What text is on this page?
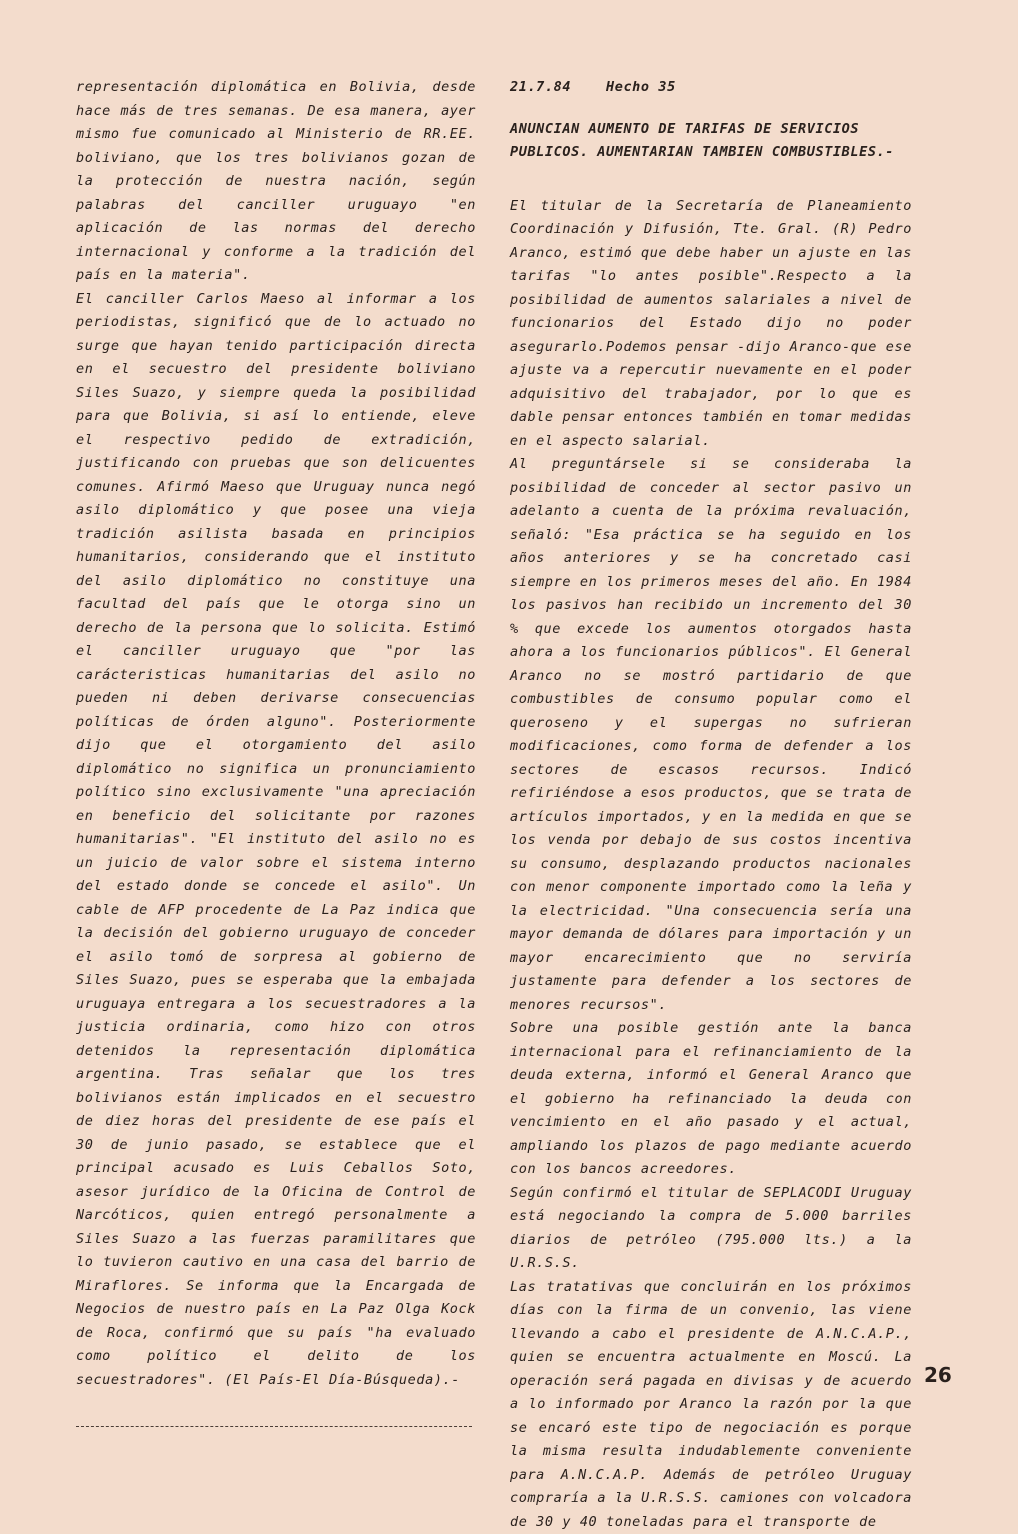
representación diplomática en Bolivia, desde hace más de tres semanas. De esa manera, ayer mismo fue comunicado al Ministerio de RR.EE. boliviano, que los tres bolivianos gozan de la protección de nuestra nación, según palabras del canciller uruguayo "en aplicación de las normas del derecho internacional y conforme a la tradición del país en la materia".

El canciller Carlos Maeso al informar a los periodistas, significó que de lo actuado no surge que hayan tenido participación directa en el secuestro del presidente boliviano Siles Suazo, y siempre queda la posibilidad para que Bolivia, si así lo entiende, eleve el respectivo pedido de extradición, justificando con pruebas que son delicuentes comunes. Afirmó Maeso que Uruguay nunca negó asilo diplomático y que posee una vieja tradición asilista basada en principios humanitarios, considerando que el instituto del asilo diplomático no constituye una facultad del país que le otorga sino un derecho de la persona que lo solicita. Estimó el canciller uruguayo que "por las carácteristicas humanitarias del asilo no pueden ni deben derivarse consecuencias políticas de órden alguno". Posteriormente dijo que el otorgamiento del asilo diplomático no significa un pronunciamiento político sino exclusivamente "una apreciación en beneficio del solicitante por razones humanitarias". "El instituto del asilo no es un juicio de valor sobre el sistema interno del estado donde se concede el asilo". Un cable de AFP procedente de La Paz indica que la decisión del gobierno uruguayo de conceder el asilo tomó de sorpresa al gobierno de Siles Suazo, pues se esperaba que la embajada uruguaya entregara a los secuestradores a la justicia ordinaria, como hizo con otros detenidos la representación diplomática argentina. Tras señalar que los tres bolivianos están implicados en el secuestro de diez horas del presidente de ese país el 30 de junio pasado, se establece que el principal acusado es Luis Ceballos Soto, asesor jurídico de la Oficina de Control de Narcóticos, quien entregó personalmente a Siles Suazo a las fuerzas paramilitares que lo tuvieron cautivo en una casa del barrio de Miraflores. Se informa que la Encargada de Negocios de nuestro país en La Paz Olga Kock de Roca, confirmó que su país "ha evaluado como político el delito de los secuestradores". (El País-El Día-Búsqueda).-

21.7.84    Hecho 35
ANUNCIAN AUMENTO DE TARIFAS DE SERVICIOS PUBLICOS. AUMENTARIAN TAMBIEN COMBUSTIBLES.-

El titular de la Secretaría de Planeamiento Coordinación y Difusión, Tte. Gral. (R) Pedro Aranco, estimó que debe haber un ajuste en las tarifas "lo antes posible".Respecto a la posibilidad de aumentos salariales a nivel de funcionarios del Estado dijo no poder asegurarlo.Podemos pensar -dijo Aranco-que ese ajuste va a repercutir nuevamente en el poder adquisitivo del trabajador, por lo que es dable pensar entonces también en tomar medidas en el aspecto salarial.

Al preguntársele si se consideraba la posibilidad de conceder al sector pasivo un adelanto a cuenta de la próxima revaluación, señaló: "Esa práctica se ha seguido en los años anteriores y se ha concretado casi siempre en los primeros meses del año. En 1984 los pasivos han recibido un incremento del 30 % que excede los aumentos otorgados hasta ahora a los funcionarios públicos". El General Aranco no se mostró partidario de que combustibles de consumo popular como el queroseno y el supergas no sufrieran modificaciones, como forma de defender a los sectores de escasos recursos. Indicó refiriéndose a esos productos, que se trata de artículos importados, y en la medida en que se los venda por debajo de sus costos incentiva su consumo, desplazando productos nacionales con menor componente importado como la leña y la electricidad. "Una consecuencia sería una mayor demanda de dólares para importación y un mayor encarecimiento que no serviría justamente para defender a los sectores de menores recursos".

Sobre una posible gestión ante la banca internacional para el refinanciamiento de la deuda externa, informó el General Aranco que el gobierno ha refinanciado la deuda con vencimiento en el año pasado y el actual, ampliando los plazos de pago mediante acuerdo con los bancos acreedores.

Según confirmó el titular de SEPLACODI Uruguay está negociando la compra de 5.000 barriles diarios de petróleo (795.000 lts.) a la U.R.S.S.

Las tratativas que concluirán en los próximos días con la firma de un convenio, las viene llevando a cabo el presidente de A.N.C.A.P., quien se encuentra actualmente en Moscú. La operación será pagada en divisas y de acuerdo a lo informado por Aranco la razón por la que se encaró este tipo de negociación es porque la misma resulta indudablemente conveniente para A.N.C.A.P. Además de petróleo Uruguay compraría a la U.R.S.S. camiones con volcadora de 30 y 40 toneladas para el transporte de

26
